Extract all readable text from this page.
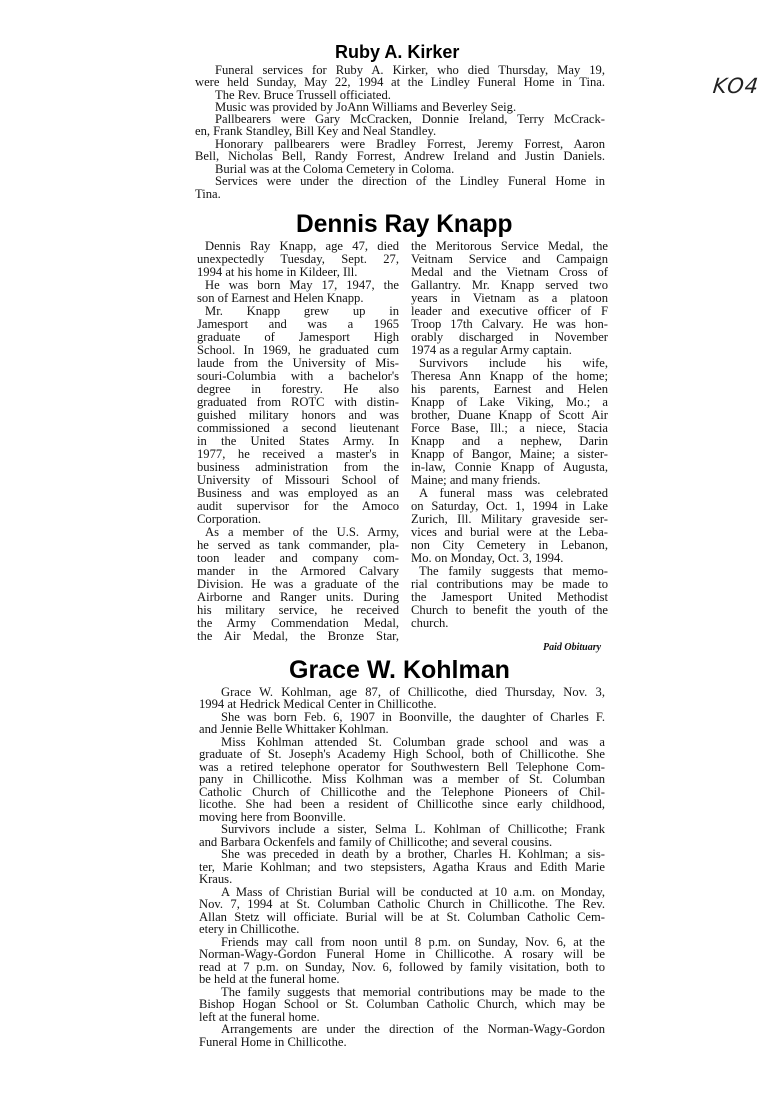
KO4
Ruby A. Kirker
Funeral services for Ruby A. Kirker, who died Thursday, May 19,
were held Sunday, May 22, 1994 at the Lindley Funeral Home in Tina.
The Rev. Bruce Trussell officiated.
Music was provided by JoAnn Williams and Beverley Seig.
Pallbearers were Gary McCracken, Donnie Ireland, Terry McCrack-
en, Frank Standley, Bill Key and Neal Standley.
Honorary pallbearers were Bradley Forrest, Jeremy Forrest, Aaron
Bell, Nicholas Bell, Randy Forrest, Andrew Ireland and Justin Daniels.
Burial was at the Coloma Cemetery in Coloma.
Services were under the direction of the Lindley Funeral Home in
Tina.
Dennis Ray Knapp
Paid Obituary
Dennis Ray Knapp, age 47, died
unexpectedly Tuesday, Sept. 27,
1994 at his home in Kildeer, Ill.
He was born May 17, 1947, the
son of Earnest and Helen Knapp.
Mr. Knapp grew up in
Jamesport and was a 1965
graduate of Jamesport High
School. In 1969, he graduated cum
laude from the University of Mis-
souri-Columbia with a bachelor's
degree in forestry. He also
graduated from ROTC with distin-
guished military honors and was
commissioned a second lieutenant
in the United States Army. In
1977, he received a master's in
business administration from the
University of Missouri School of
Business and was employed as an
audit supervisor for the Amoco
Corporation.
As a member of the U.S. Army,
he served as tank commander, pla-
toon leader and company com-
mander in the Armored Calvary
Division. He was a graduate of the
Airborne and Ranger units. During
his military service, he received
the Army Commendation Medal,
the Air Medal, the Bronze Star,
the Meritorous Service Medal, the
Veitnam Service and Campaign
Medal and the Vietnam Cross of
Gallantry. Mr. Knapp served two
years in Vietnam as a platoon
leader and executive officer of F
Troop 17th Calvary. He was hon-
orably discharged in November
1974 as a regular Army captain.
Survivors include his wife,
Theresa Ann Knapp of the home;
his parents, Earnest and Helen
Knapp of Lake Viking, Mo.; a
brother, Duane Knapp of Scott Air
Force Base, Ill.; a niece, Stacia
Knapp and a nephew, Darin
Knapp of Bangor, Maine; a sister-
in-law, Connie Knapp of Augusta,
Maine; and many friends.
A funeral mass was celebrated
on Saturday, Oct. 1, 1994 in Lake
Zurich, Ill. Military graveside ser-
vices and burial were at the Leba-
non City Cemetery in Lebanon,
Mo. on Monday, Oct. 3, 1994.
The family suggests that memo-
rial contributions may be made to
the Jamesport United Methodist
Church to benefit the youth of the
church.
Grace W. Kohlman
Grace W. Kohlman, age 87, of Chillicothe, died Thursday, Nov. 3,
1994 at Hedrick Medical Center in Chillicothe.
She was born Feb. 6, 1907 in Boonville, the daughter of Charles F.
and Jennie Belle Whittaker Kohlman.
Miss Kohlman attended St. Columban grade school and was a
graduate of St. Joseph's Academy High School, both of Chillicothe. She
was a retired telephone operator for Southwestern Bell Telephone Com-
pany in Chillicothe. Miss Kolhman was a member of St. Columban
Catholic Church of Chillicothe and the Telephone Pioneers of Chil-
licothe. She had been a resident of Chillicothe since early childhood,
moving here from Boonville.
Survivors include a sister, Selma L. Kohlman of Chillicothe; Frank
and Barbara Ockenfels and family of Chillicothe; and several cousins.
She was preceded in death by a brother, Charles H. Kohlman; a sis-
ter, Marie Kohlman; and two stepsisters, Agatha Kraus and Edith Marie
Kraus.
A Mass of Christian Burial will be conducted at 10 a.m. on Monday,
Nov. 7, 1994 at St. Columban Catholic Church in Chillicothe. The Rev.
Allan Stetz will officiate. Burial will be at St. Columban Catholic Cem-
etery in Chillicothe.
Friends may call from noon until 8 p.m. on Sunday, Nov. 6, at the
Norman-Wagy-Gordon Funeral Home in Chillicothe. A rosary will be
read at 7 p.m. on Sunday, Nov. 6, followed by family visitation, both to
be held at the funeral home.
The family suggests that memorial contributions may be made to the
Bishop Hogan School or St. Columban Catholic Church, which may be
left at the funeral home.
Arrangements are under the direction of the Norman-Wagy-Gordon
Funeral Home in Chillicothe.
